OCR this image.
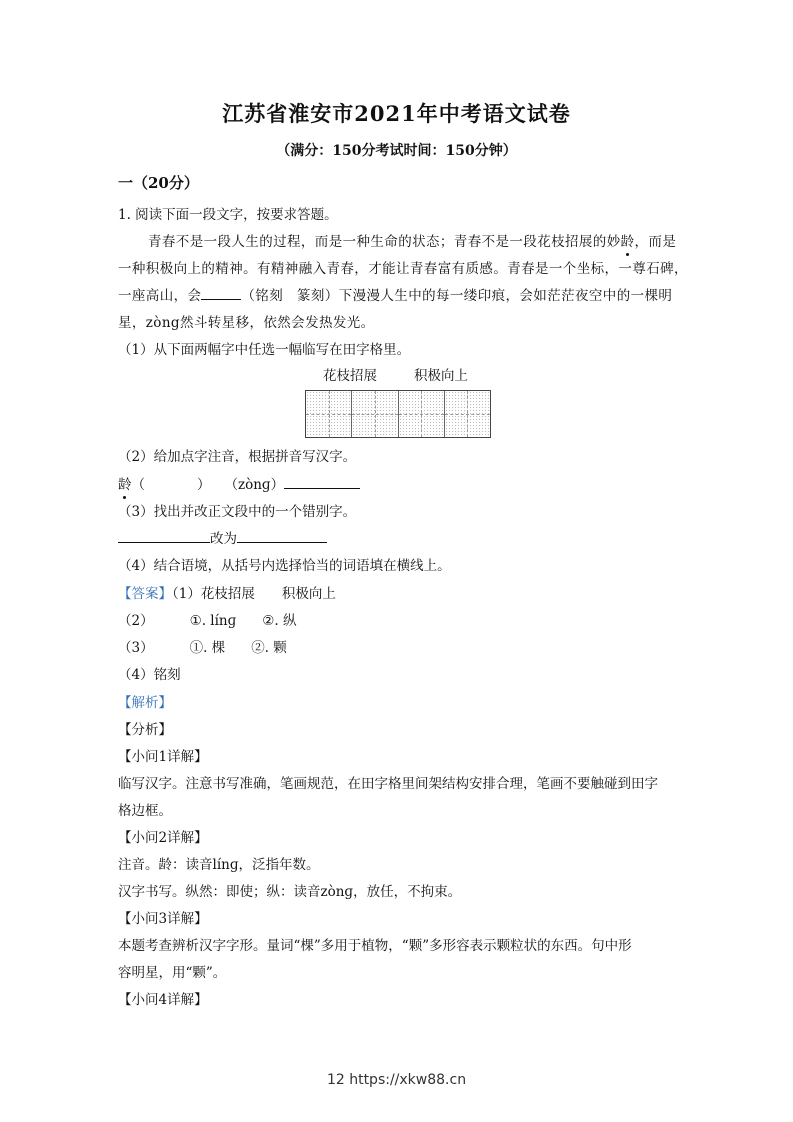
江苏省淮安市2021年中考语文试卷
（满分：150分考试时间：150分钟）
一（20分）
1. 阅读下面一段文字，按要求答题。
青春不是一段人生的过程，而是一种生命的状态；青春不是一段花枝招展的妙龄，而是
一种积极向上的精神。有精神融入青春，才能让青春富有质感。青春是一个坐标，一尊石碑，
一座高山，会	（铭刻　篆刻）下漫漫人生中的每一缕印痕，会如茫茫夜空中的一棵明
星，zòng然斗转星移，依然会发热发光。
（1）从下面两幅字中任选一幅临写在田字格里。
花枝招展	积极向上
（2）给加点字注音，根据拼音写汉字。
龄（	） （zònɡ）
（3）找出并改正文段中的一个错别字。
改为
（4）结合语境，从括号内选择恰当的词语填在横线上。
【答案】（1）花枝招展　　积极向上
（2）	①. línɡ ②. 纵
（3）	①. 棵 ②. 颗
（4）铭刻
【解析】
【分析】
【小问1详解】
临写汉字。注意书写准确，笔画规范，在田字格里间架结构安排合理，笔画不要触碰到田字
格边框。
【小问2详解】
注音。龄：读音línɡ，泛指年数。
汉字书写。纵然：即使；纵：读音zònɡ，放任，不拘束。
【小问3详解】
本题考查辨析汉字字形。量词“棵”多用于植物，“颗”多形容表示颗粒状的东西。句中形
容明星，用“颗”。
【小问4详解】
12 https://xkw88.cn
